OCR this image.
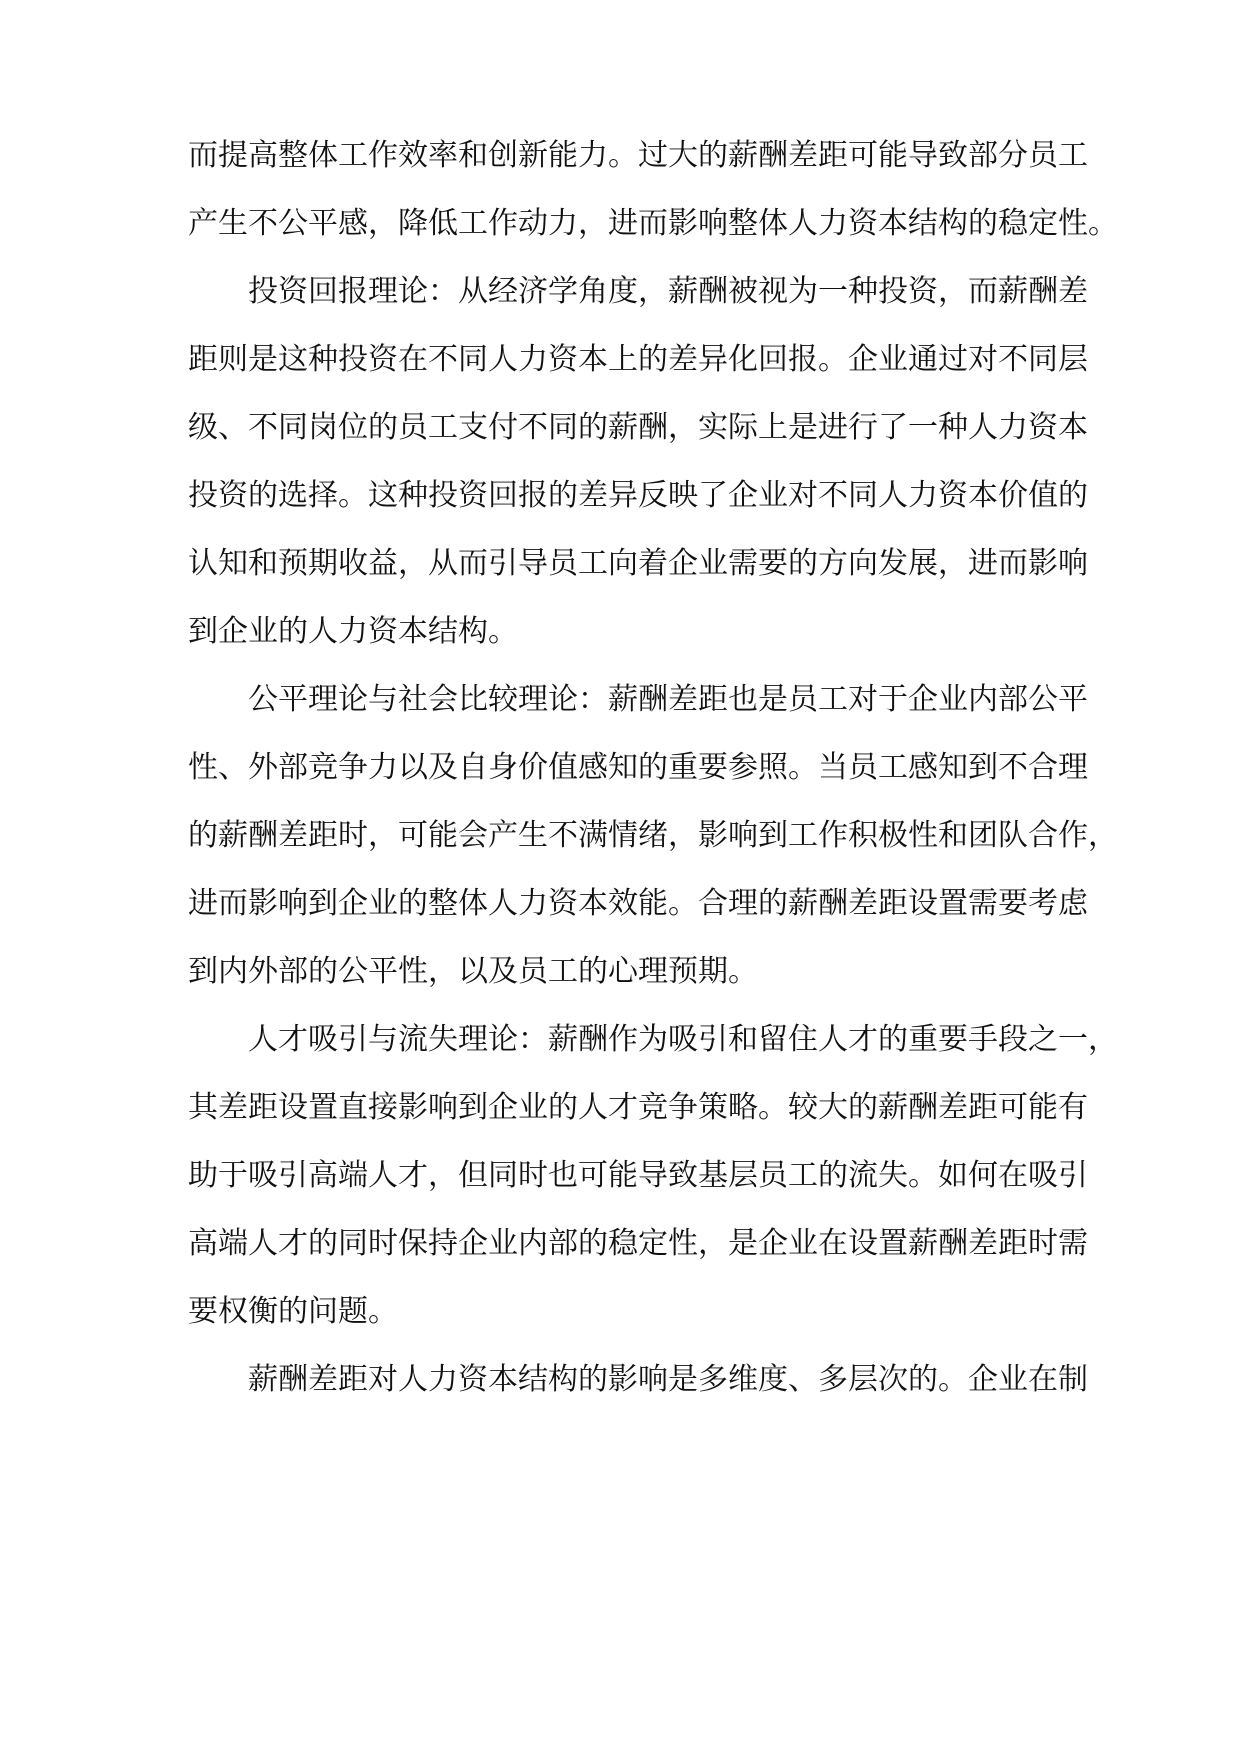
而提高整体工作效率和创新能力。过大的薪酬差距可能导致部分员工
产生不公平感，降低工作动力，进而影响整体人力资本结构的稳定性。
投资回报理论：从经济学角度，薪酬被视为一种投资，而薪酬差
距则是这种投资在不同人力资本上的差异化回报。企业通过对不同层
级、不同岗位的员工支付不同的薪酬，实际上是进行了一种人力资本
投资的选择。这种投资回报的差异反映了企业对不同人力资本价值的
认知和预期收益，从而引导员工向着企业需要的方向发展，进而影响
到企业的人力资本结构。
公平理论与社会比较理论：薪酬差距也是员工对于企业内部公平
性、外部竞争力以及自身价值感知的重要参照。当员工感知到不合理
的薪酬差距时，可能会产生不满情绪，影响到工作积极性和团队合作，
进而影响到企业的整体人力资本效能。合理的薪酬差距设置需要考虑
到内外部的公平性，以及员工的心理预期。
人才吸引与流失理论：薪酬作为吸引和留住人才的重要手段之一，
其差距设置直接影响到企业的人才竞争策略。较大的薪酬差距可能有
助于吸引高端人才，但同时也可能导致基层员工的流失。如何在吸引
高端人才的同时保持企业内部的稳定性，是企业在设置薪酬差距时需
要权衡的问题。
薪酬差距对人力资本结构的影响是多维度、多层次的。企业在制
